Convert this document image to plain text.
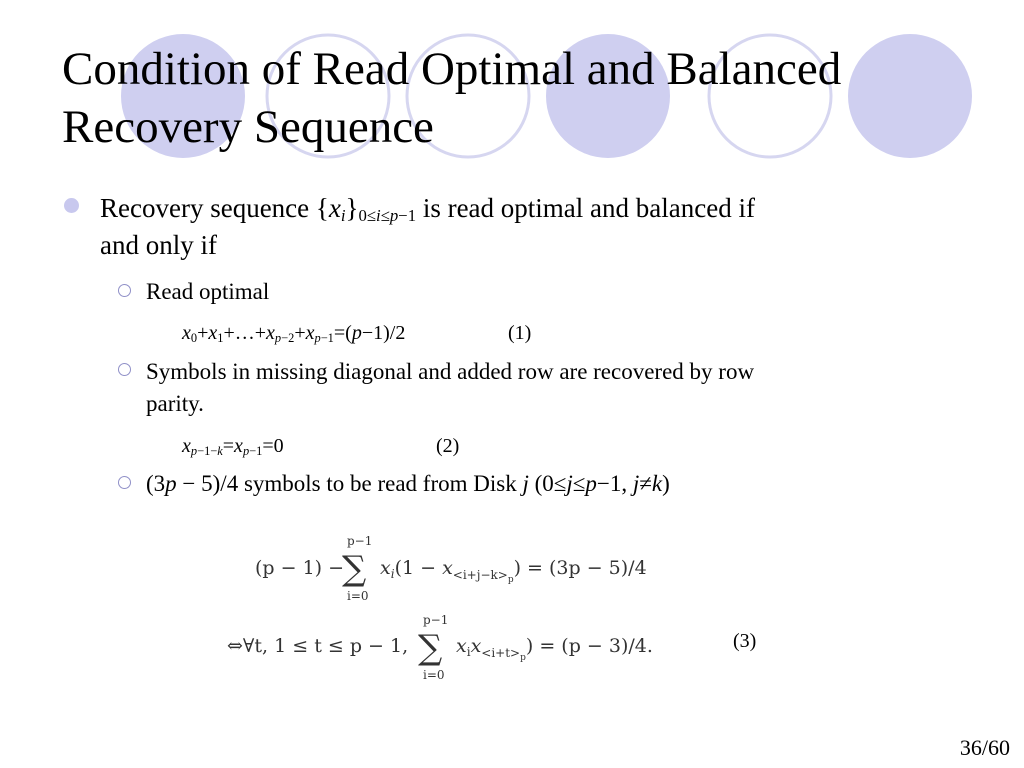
Condition of Read Optimal and Balanced
Recovery Sequence
Recovery sequence $\{x_i\}_{0\le i\le p-1}$ is read optimal and balanced if
and only if
Read optimal
$x_0+x_1+\dots+x_{p-2}+x_{p-1}=(p-1)/2$	(1)
Symbols in missing diagonal and added row are recovered by row
parity.
$x_{p-1-k}=x_{p-1}=0$	(2)
(3p − 5)/4 symbols to be read from Disk j (0≤j≤p−1, j≠k)
(p − 1) −
p−1
∑
i=0
$x_i(1 - x_{<i+j-k>}p) = (3p - 5)/4$
⇔∀t, 1 ≤ t ≤ p − 1,
p−1
∑
i=0
$x_ix_{<i+t>}p) = (p - 3)/4$.	(3)
36/60
